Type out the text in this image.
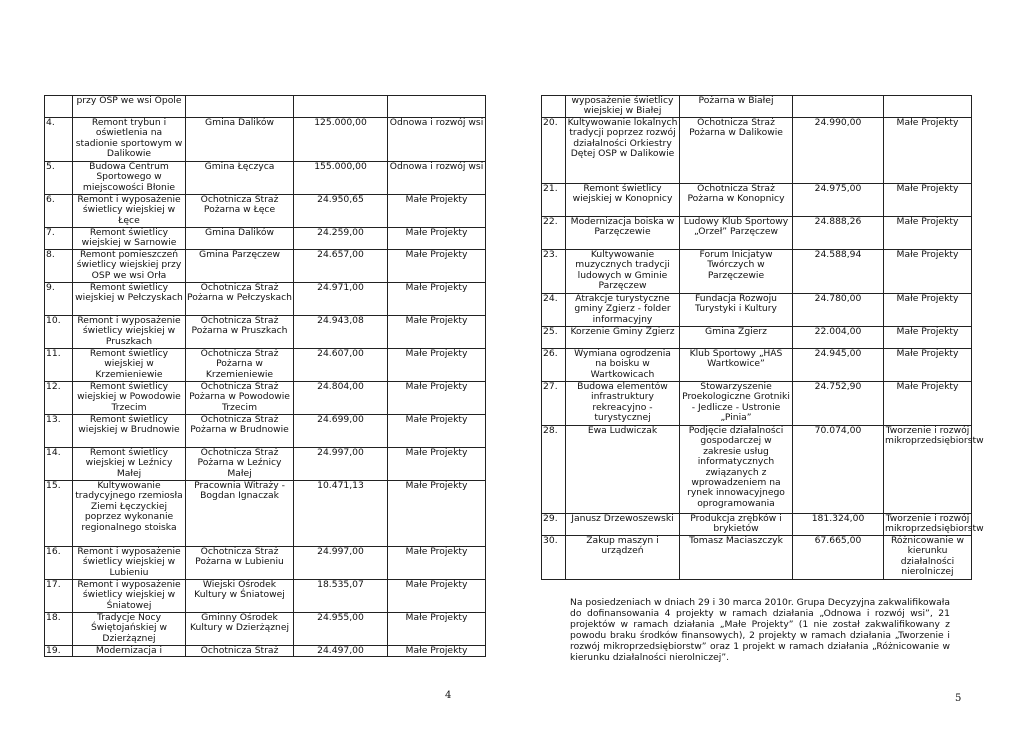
	przy OSP we wsi Opole			
4.	Remont trybun i oświetlenia na stadionie sportowym w Dalikowie	Gmina Dalików	125.000,00	Odnowa i rozwój wsi
5.	Budowa Centrum Sportowego w miejscowości Błonie	Gmina Łęczyca	155.000,00	Odnowa i rozwój wsi
6.	Remont i wyposażenie świetlicy wiejskiej w Łęce	Ochotnicza Straż Pożarna w Łęce	24.950,65	Małe Projekty
7.	Remont świetlicy wiejskiej w Sarnowie	Gmina Dalików	24.259,00	Małe Projekty
8.	Remont pomieszczeń świetlicy wiejskiej przy OSP we wsi Orła	Gmina Parzęczew	24.657,00	Małe Projekty
9.	Remont świetlicy wiejskiej w Pełczyskach	Ochotnicza Straż Pożarna w Pełczyskach	24.971,00	Małe Projekty
10.	Remont i wyposażenie świetlicy wiejskiej w Pruszkach	Ochotnicza Straż Pożarna w Pruszkach	24.943,08	Małe Projekty
11.	Remont świetlicy wiejskiej w Krzemieniewie	Ochotnicza Straż Pożarna w Krzemieniewie	24.607,00	Małe Projekty
12.	Remont świetlicy wiejskiej w Powodowie Trzecim	Ochotnicza Straż Pożarna w Powodowie Trzecim	24.804,00	Małe Projekty
13.	Remont świetlicy wiejskiej w Brudnowie	Ochotnicza Straż Pożarna w Brudnowie	24.699,00	Małe Projekty
14.	Remont świetlicy wiejskiej w Leźnicy Małej	Ochotnicza Straż Pożarna w Leźnicy Małej	24.997,00	Małe Projekty
15.	Kultywowanie tradycyjnego rzemiosła Ziemi Łęczyckiej poprzez wykonanie regionalnego stoiska	Pracownia Witraży - Bogdan Ignaczak	10.471,13	Małe Projekty
16.	Remont i wyposażenie świetlicy wiejskiej w Lubieniu	Ochotnicza Straż Pożarna w Lubieniu	24.997,00	Małe Projekty
17.	Remont i wyposażenie świetlicy wiejskiej w Śniatowej	Wiejski Ośrodek Kultury w Śniatowej	18.535,07	Małe Projekty
18.	Tradycje Nocy Świętojańskiej w Dzierżąznej	Gminny Ośrodek Kultury w Dzierżąznej	24.955,00	Małe Projekty
19.	Modernizacja i	Ochotnicza Straż	24.497,00	Małe Projekty
	wyposażenie świetlicy wiejskiej w Białej	Pożarna w Białej		
20.	Kultywowanie lokalnych tradycji poprzez rozwój działalności Orkiestry Dętej OSP w Dalikowie	Ochotnicza Straż Pożarna w Dalikowie	24.990,00	Małe Projekty
21.	Remont świetlicy wiejskiej w Konopnicy	Ochotnicza Straż Pożarna w Konopnicy	24.975,00	Małe Projekty
22.	Modernizacja boiska w Parzęczewie	Ludowy Klub Sportowy „Orzeł” Parzęczew	24.888,26	Małe Projekty
23.	Kultywowanie muzycznych tradycji ludowych w Gminie Parzęczew	Forum Inicjatyw Twórczych w Parzęczewie	24.588,94	Małe Projekty
24.	Atrakcje turystyczne gminy Zgierz - folder informacyjny	Fundacja Rozwoju Turystyki i Kultury	24.780,00	Małe Projekty
25.	Korzenie Gminy Zgierz	Gmina Zgierz	22.004,00	Małe Projekty
26.	Wymiana ogrodzenia na boisku w Wartkowicach	Klub Sportowy „HAS Wartkowice”	24.945,00	Małe Projekty
27.	Budowa elementów infrastruktury rekreacyjno - turystycznej	Stowarzyszenie Proekologiczne Grotniki - Jedlicze - Ustronie „Pinia”	24.752,90	Małe Projekty
28.	Ewa Ludwiczak	Podjęcie działalności gospodarczej w zakresie usług informatycznych związanych z wprowadzeniem na rynek innowacyjnego oprogramowania	70.074,00	Tworzenie i rozwój mikroprzedsiębiorstw
29.	Janusz Drzewoszewski	Produkcja zrębków i brykietów	181.324,00	Tworzenie i rozwój mikroprzedsiębiorstw
30.	Zakup maszyn i urządzeń	Tomasz Maciaszczyk	67.665,00	Różnicowanie w kierunku działalności nierolniczej
Na posiedzeniach w dniach 29 i 30 marca 2010r. Grupa Decyzyjna zakwalifikowała do dofinansowania 4 projekty w ramach działania „Odnowa i rozwój wsi”, 21 projektów w ramach działania „Małe Projekty” (1 nie został zakwalifikowany z powodu braku środków finansowych), 2 projekty w ramach działania „Tworzenie i rozwój mikroprzedsiębiorstw” oraz 1 projekt w ramach działania „Różnicowanie w kierunku działalności nierolniczej”.
4	5
